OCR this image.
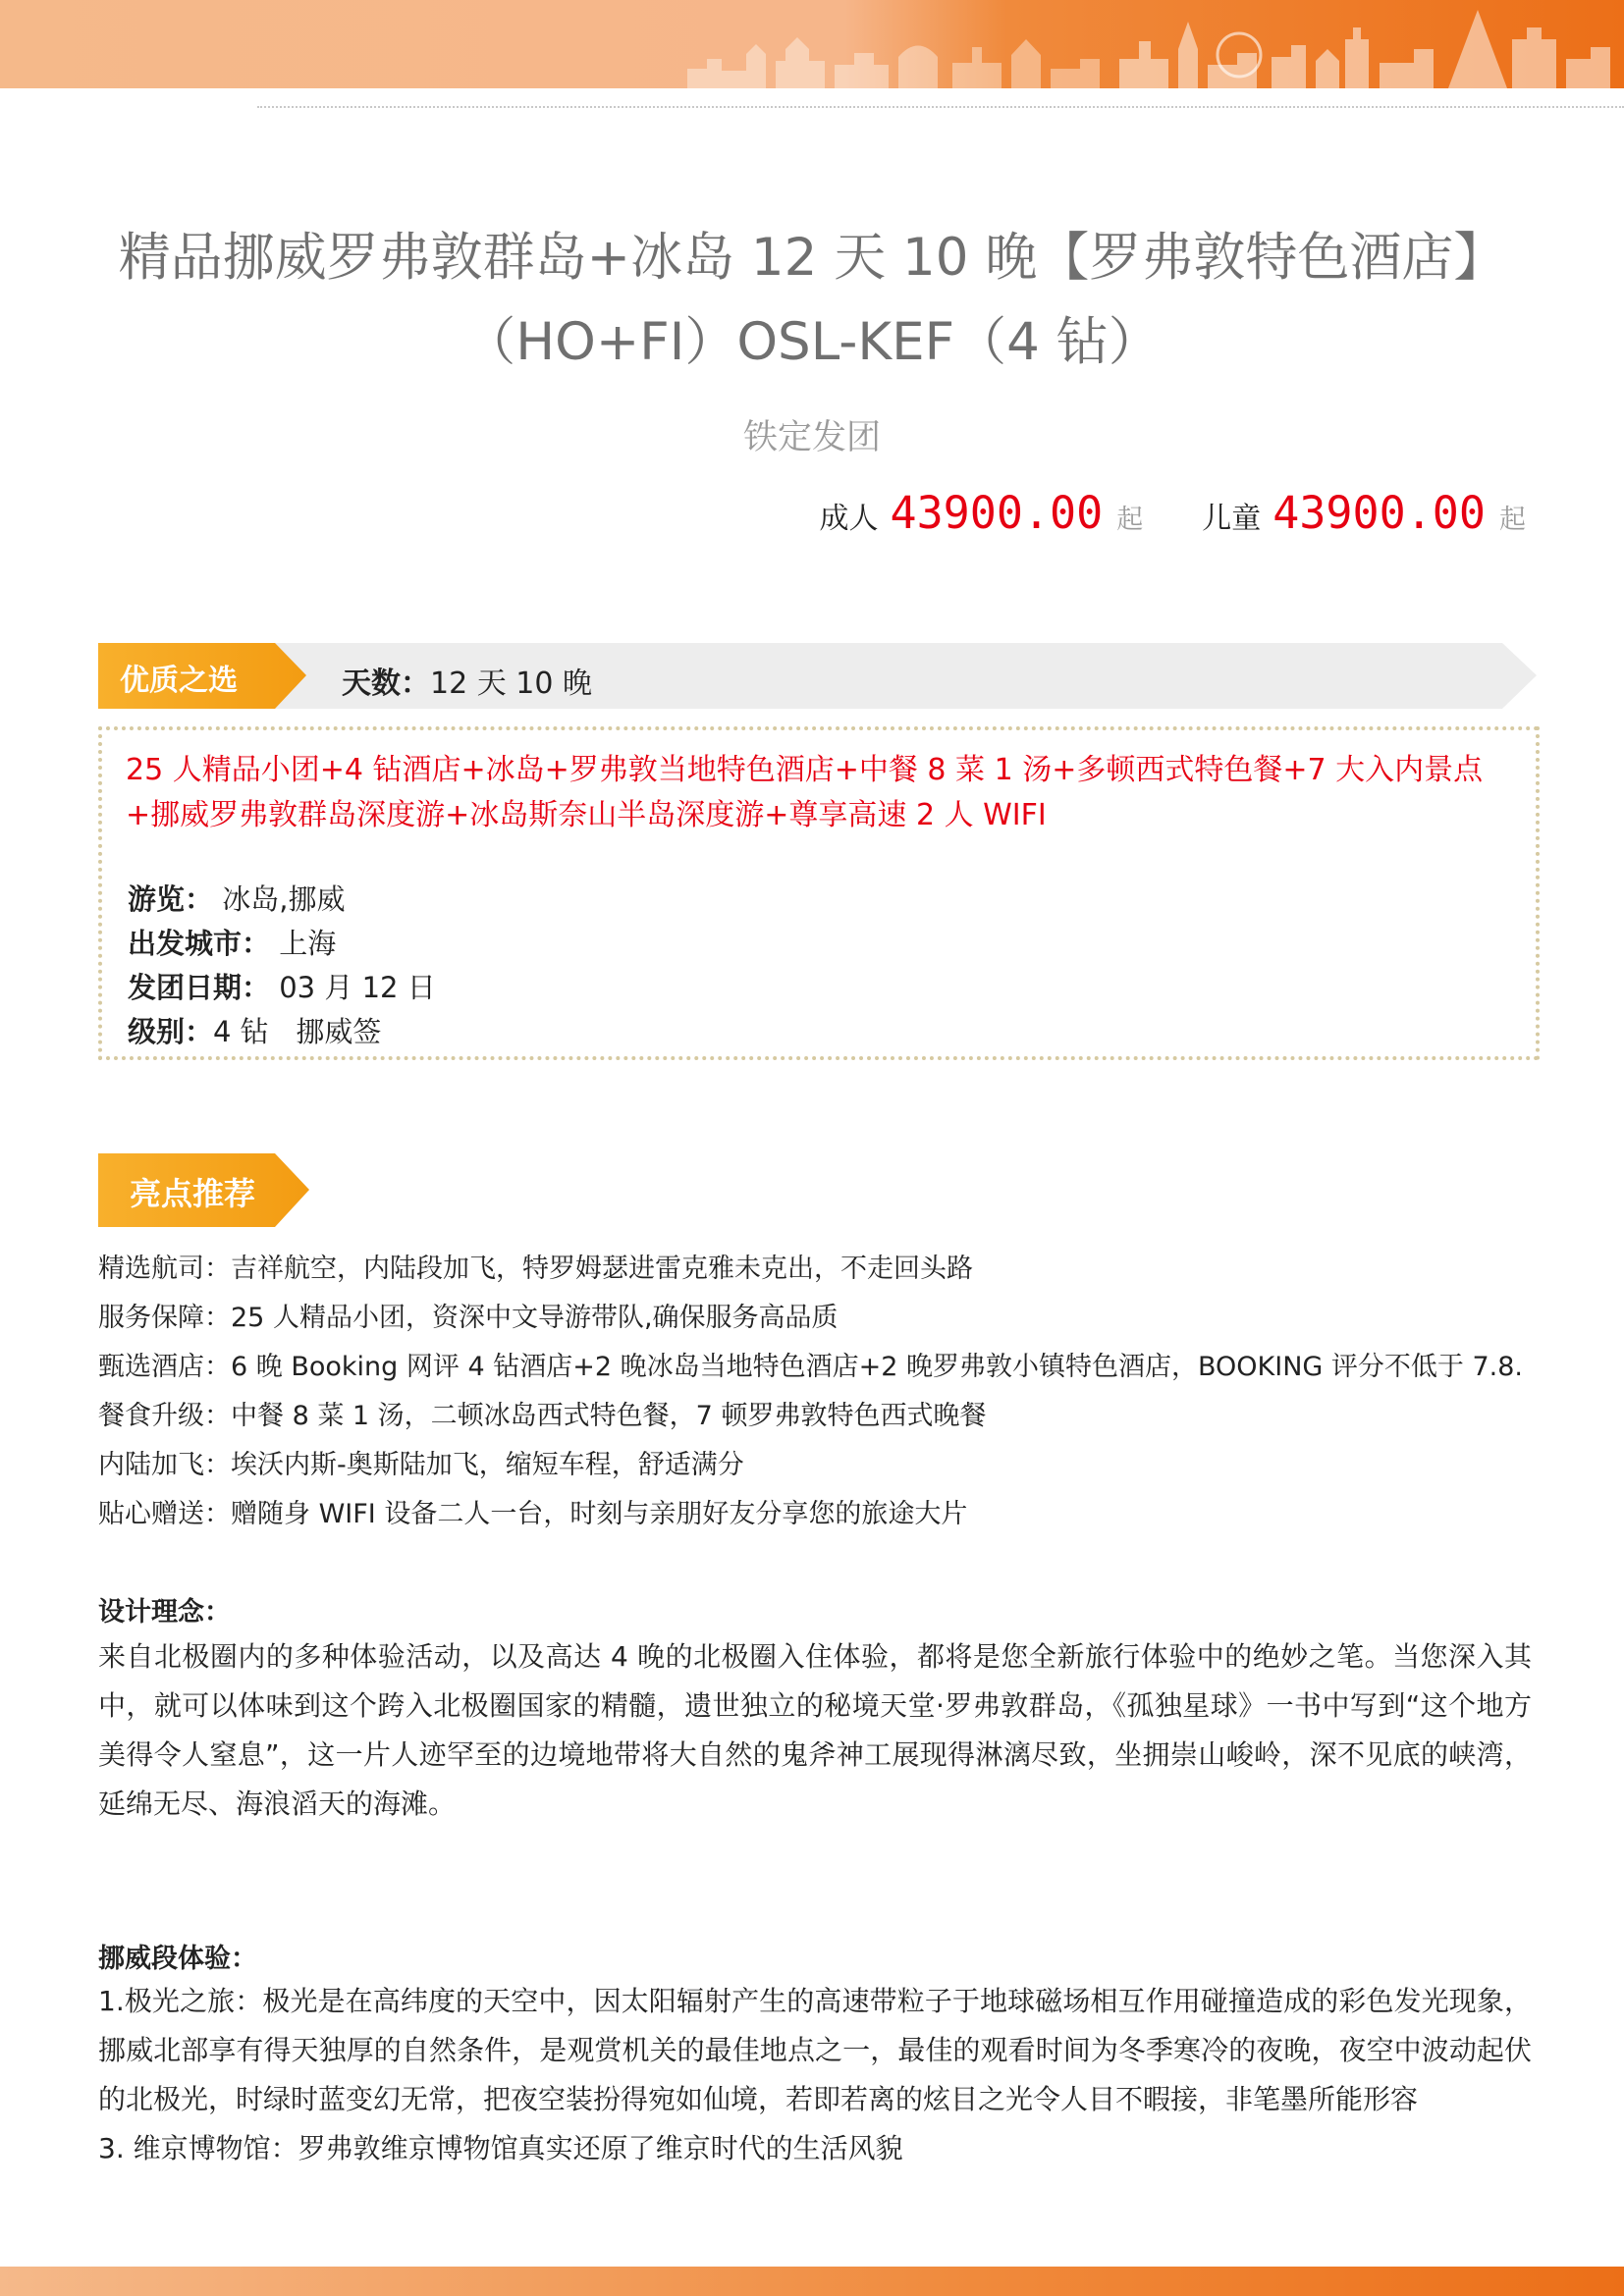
精品挪威罗弗敦群岛+冰岛 12 天 10 晚【罗弗敦特色酒店】
（HO+FI）OSL-KEF（4 钻）
铁定发团
成人 43900.00 起 儿童 43900.00 起
优质之选	天数：12 天 10 晚
25 人精品小团+4 钻酒店+冰岛+罗弗敦当地特色酒店+中餐 8 菜 1 汤+多顿西式特色餐+7 大入内景点+挪威罗弗敦群岛深度游+冰岛斯奈山半岛深度游+尊享高速 2 人 WIFI
游览： 冰岛,挪威
出发城市： 上海
发团日期： 03 月 12 日
级别：4 钻   挪威签
亮点推荐
精选航司：吉祥航空，内陆段加飞，特罗姆瑟进雷克雅未克出，不走回头路
服务保障：25 人精品小团，资深中文导游带队,确保服务高品质
甄选酒店：6 晚 Booking 网评 4 钻酒店+2 晚冰岛当地特色酒店+2 晚罗弗敦小镇特色酒店，BOOKING 评分不低于 7.8.
餐食升级：中餐 8 菜 1 汤，二顿冰岛西式特色餐，7 顿罗弗敦特色西式晚餐
内陆加飞：埃沃内斯-奥斯陆加飞，缩短车程，舒适满分
贴心赠送：赠随身 WIFI 设备二人一台，时刻与亲朋好友分享您的旅途大片
设计理念：
来自北极圈内的多种体验活动，以及高达 4 晚的北极圈入住体验，都将是您全新旅行体验中的绝妙之笔。当您深入其中，就可以体味到这个跨入北极圈国家的精髓，遗世独立的秘境天堂·罗弗敦群岛，《孤独星球》一书中写到“这个地方美得令人窒息”，这一片人迹罕至的边境地带将大自然的鬼斧神工展现得淋漓尽致，坐拥崇山峻岭，深不见底的峡湾，延绵无尽、海浪滔天的海滩。
挪威段体验：
1.极光之旅：极光是在高纬度的天空中，因太阳辐射产生的高速带粒子于地球磁场相互作用碰撞造成的彩色发光现象，挪威北部享有得天独厚的自然条件，是观赏机关的最佳地点之一，最佳的观看时间为冬季寒冷的夜晚，夜空中波动起伏的北极光，时绿时蓝变幻无常，把夜空装扮得宛如仙境，若即若离的炫目之光令人目不暇接，非笔墨所能形容
3. 维京博物馆：罗弗敦维京博物馆真实还原了维京时代的生活风貌
